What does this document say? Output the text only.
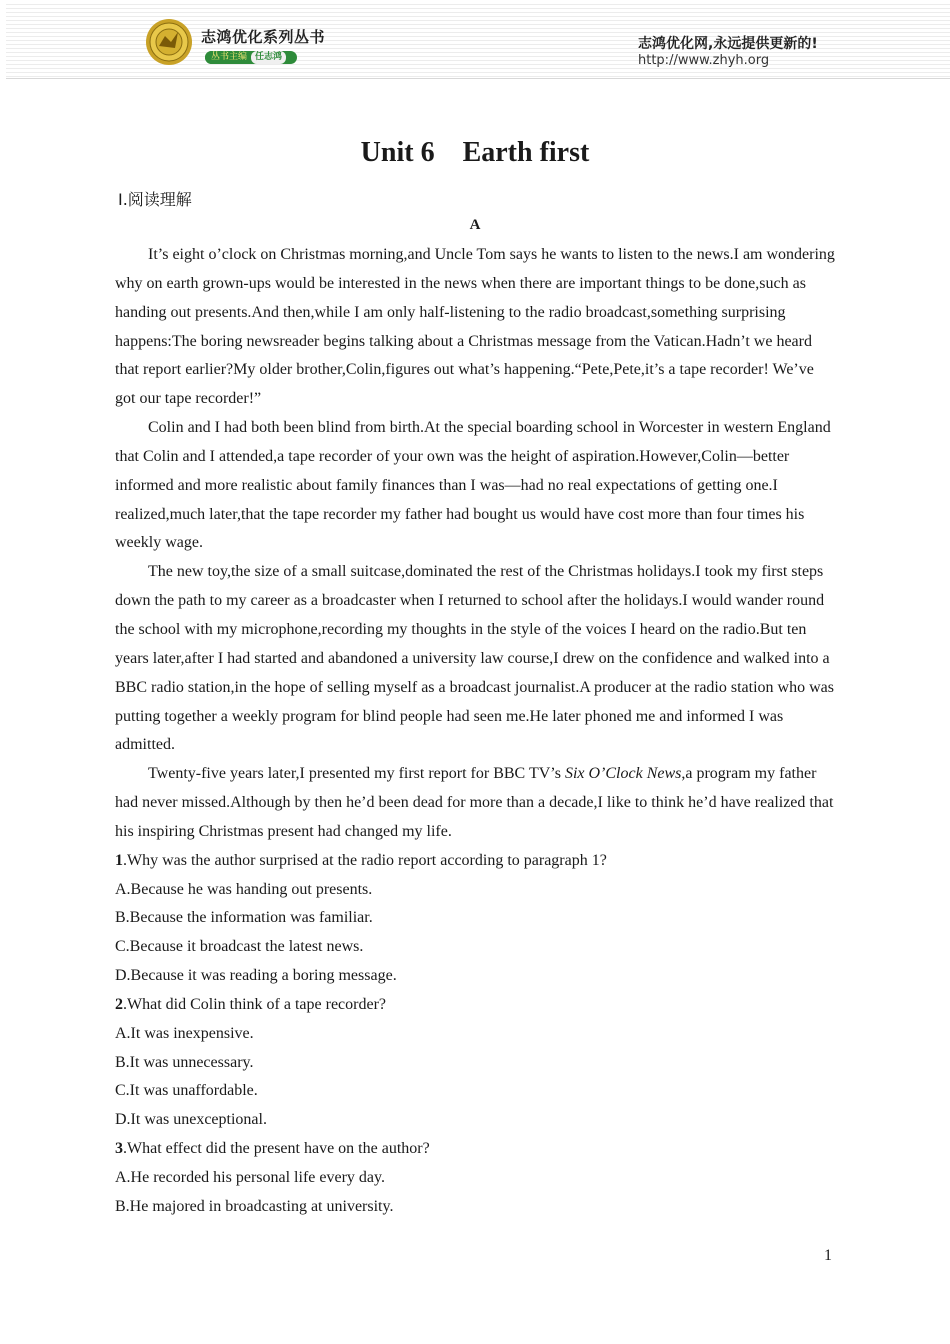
志鸿优化系列丛书
丛书主编 任志鸿
志鸿优化网,永远提供更新的!
http://www.zhyh.org
Unit 6    Earth first
Ⅰ.阅读理解
A

It’s eight o’clock on Christmas morning,and Uncle Tom says he wants to listen to the news.I am wondering why on earth grown-ups would be interested in the news when there are important things to be done,such as handing out presents.And then,while I am only half-listening to the radio broadcast,something surprising happens:The boring newsreader begins talking about a Christmas message from the Vatican.Hadn’t we heard that report earlier?My older brother,Colin,figures out what’s happening.“Pete,Pete,it’s a tape recorder! We’ve got our tape recorder!”

Colin and I had both been blind from birth.At the special boarding school in Worcester in western England that Colin and I attended,a tape recorder of your own was the height of aspiration.However,Colin—better informed and more realistic about family finances than I was—had no real expectations of getting one.I realized,much later,that the tape recorder my father had bought us would have cost more than four times his weekly wage.

The new toy,the size of a small suitcase,dominated the rest of the Christmas holidays.I took my first steps down the path to my career as a broadcaster when I returned to school after the holidays.I would wander round the school with my microphone,recording my thoughts in the style of the voices I heard on the radio.But ten years later,after I had started and abandoned a university law course,I drew on the confidence and walked into a BBC radio station,in the hope of selling myself as a broadcast journalist.A producer at the radio station who was putting together a weekly program for blind people had seen me.He later phoned me and informed I was admitted.

Twenty-five years later,I presented my first report for BBC TV’s Six O’Clock News,a program my father had never missed.Although by then he’d been dead for more than a decade,I like to think he’d have realized that his inspiring Christmas present had changed my life.

1.Why was the author surprised at the radio report according to paragraph 1?

A.Because he was handing out presents.

B.Because the information was familiar.

C.Because it broadcast the latest news.

D.Because it was reading a boring message.

2.What did Colin think of a tape recorder?

A.It was inexpensive.

B.It was unnecessary.

C.It was unaffordable.

D.It was unexceptional.

3.What effect did the present have on the author?

A.He recorded his personal life every day.

B.He majored in broadcasting at university.

1
